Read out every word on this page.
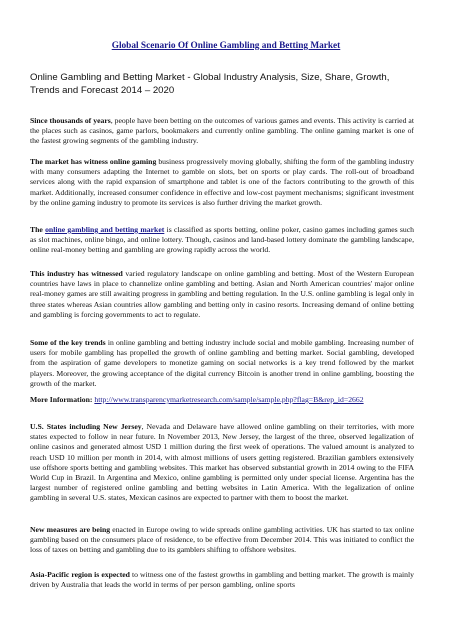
Global Scenario Of Online Gambling and Betting Market
Online Gambling and Betting Market - Global Industry Analysis, Size, Share, Growth, Trends and Forecast 2014 – 2020

Since thousands of years, people have been betting on the outcomes of various games and events. This activity is carried at the places such as casinos, game parlors, bookmakers and currently online gambling. The online gaming market is one of the fastest growing segments of the gambling industry.

The market has witness online gaming business progressively moving globally, shifting the form of the gambling industry with many consumers adapting the Internet to gamble on slots, bet on sports or play cards. The roll-out of broadband services along with the rapid expansion of smartphone and tablet is one of the factors contributing to the growth of this market. Additionally, increased consumer confidence in effective and low-cost payment mechanisms; significant investment by the online gaming industry to promote its services is also further driving the market growth.

The online gambling and betting market is classified as sports betting, online poker, casino games including games such as slot machines, online bingo, and online lottery. Though, casinos and land-based lottery dominate the gambling landscape, online real-money betting and gambling are growing rapidly across the world.

This industry has witnessed varied regulatory landscape on online gambling and betting. Most of the Western European countries have laws in place to channelize online gambling and betting. Asian and North American countries' major online real-money games are still awaiting progress in gambling and betting regulation. In the U.S. online gambling is legal only in three states whereas Asian countries allow gambling and betting only in casino resorts. Increasing demand of online betting and gambling is forcing governments to act to regulate.

Some of the key trends in online gambling and betting industry include social and mobile gambling. Increasing number of users for mobile gambling has propelled the growth of online gambling and betting market. Social gambling, developed from the aspiration of game developers to monetize gaming on social networks is a key trend followed by the market players. Moreover, the growing acceptance of the digital currency Bitcoin is another trend in online gambling, boosting the growth of the market.

More Information: http://www.transparencymarketresearch.com/sample/sample.php?flag=B&rep_id=2662

U.S. States including New Jersey, Nevada and Delaware have allowed online gambling on their territories, with more states expected to follow in near future. In November 2013, New Jersey, the largest of the three, observed legalization of online casinos and generated almost USD 1 million during the first week of operations. The valued amount is analyzed to reach USD 10 million per month in 2014, with almost millions of users getting registered. Brazilian gamblers extensively use offshore sports betting and gambling websites. This market has observed substantial growth in 2014 owing to the FIFA World Cup in Brazil. In Argentina and Mexico, online gambling is permitted only under special license. Argentina has the largest number of registered online gambling and betting websites in Latin America. With the legalization of online gambling in several U.S. states, Mexican casinos are expected to partner with them to boost the market.

New measures are being enacted in Europe owing to wide spreads online gambling activities. UK has started to tax online gambling based on the consumers place of residence, to be effective from December 2014. This was initiated to conflict the loss of taxes on betting and gambling due to its gamblers shifting to offshore websites.

Asia-Pacific region is expected to witness one of the fastest growths in gambling and betting market. The growth is mainly driven by Australia that leads the world in terms of per person gambling, online sports
